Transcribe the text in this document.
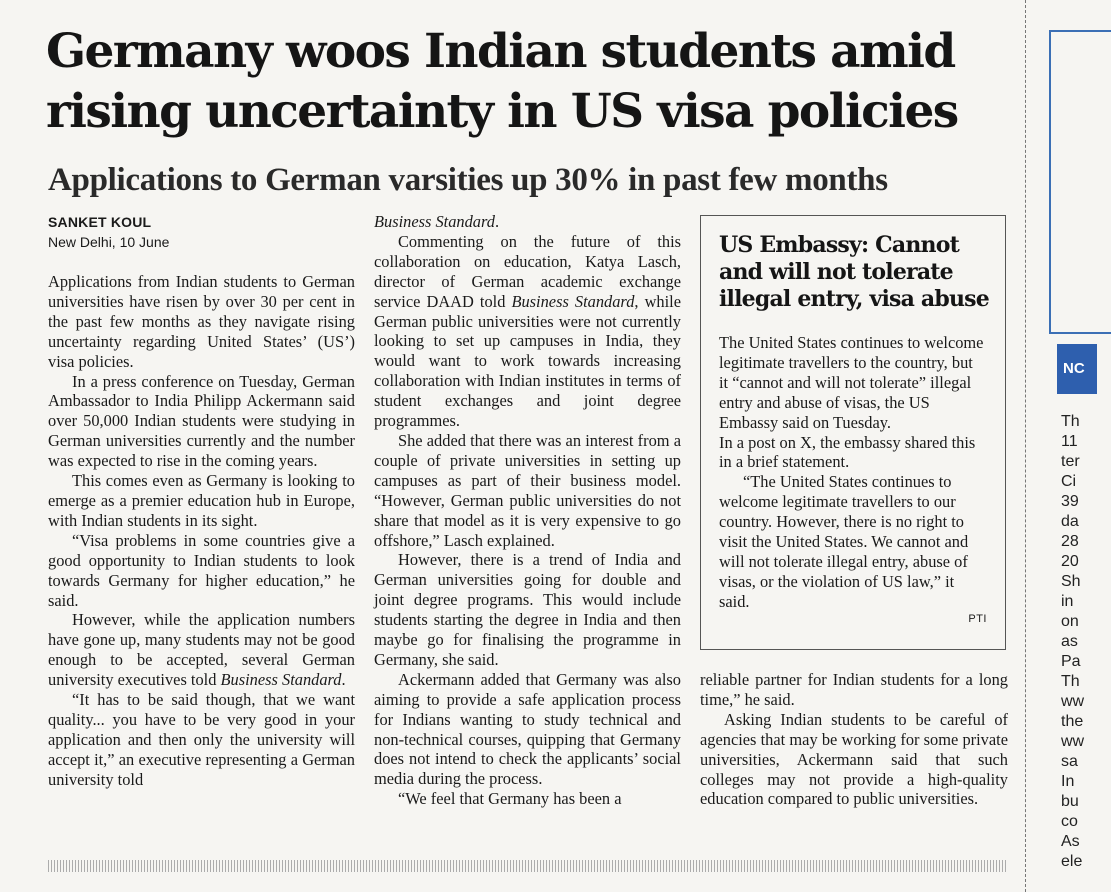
Germany woos Indian students amid
rising uncertainty in US visa policies
Applications to German varsities up 30% in past few months
SANKET KOUL
New Delhi, 10 June

Applications from Indian students to German universities have risen by over 30 per cent in the past few months as they navigate rising uncertainty regarding United States’ (US’) visa policies.

In a press conference on Tuesday, German Ambassador to India Philipp Ackermann said over 50,000 Indian students were studying in German universities currently and the number was expected to rise in the coming years.

This comes even as Germany is looking to emerge as a premier education hub in Europe, with Indian students in its sight.

“Visa problems in some countries give a good opportunity to Indian students to look towards Germany for higher education,” he said.

However, while the application numbers have gone up, many students may not be good enough to be accepted, several German university executives told Business Standard.

“It has to be said though, that we want quality... you have to be very good in your application and then only the university will accept it,” an executive representing a German university told

Business Standard.

Commenting on the future of this collaboration on education, Katya Lasch, director of German academic exchange service DAAD told Business Standard, while German public universities were not currently looking to set up campuses in India, they would want to work towards increasing collaboration with Indian institutes in terms of student exchanges and joint degree programmes.

She added that there was an interest from a couple of private universities in setting up campuses as part of their business model. “However, German public universities do not share that model as it is very expensive to go offshore,” Lasch explained.

However, there is a trend of India and German universities going for double and joint degree programs. This would include students starting the degree in India and then maybe go for finalising the programme in Germany, she said.

Ackermann added that Germany was also aiming to provide a safe application process for Indians wanting to study technical and non-technical courses, quipping that Germany does not intend to check the applicants’ social media during the process.

“We feel that Germany has been a

US Embassy: Cannot and will not tolerate illegal entry, visa abuse

The United States continues to welcome legitimate travellers to the country, but it “cannot and will not tolerate” illegal entry and abuse of visas, the US Embassy said on Tuesday.

In a post on X, the embassy shared this in a brief statement.

“The United States continues to welcome legitimate travellers to our country. However, there is no right to visit the United States. We cannot and will not tolerate illegal entry, abuse of visas, or the violation of US law,” it said.

PTI

reliable partner for Indian students for a long time,” he said.

Asking Indian students to be careful of agencies that may be working for some private universities, Ackermann said that such colleges may not provide a high-quality education compared to public universities.

NC
Th
11
ter
Ci
39
da
28
20
Sh
in
on
as
Pa
Th
ww
the
ww
sa
In
bu
co
As
ele
